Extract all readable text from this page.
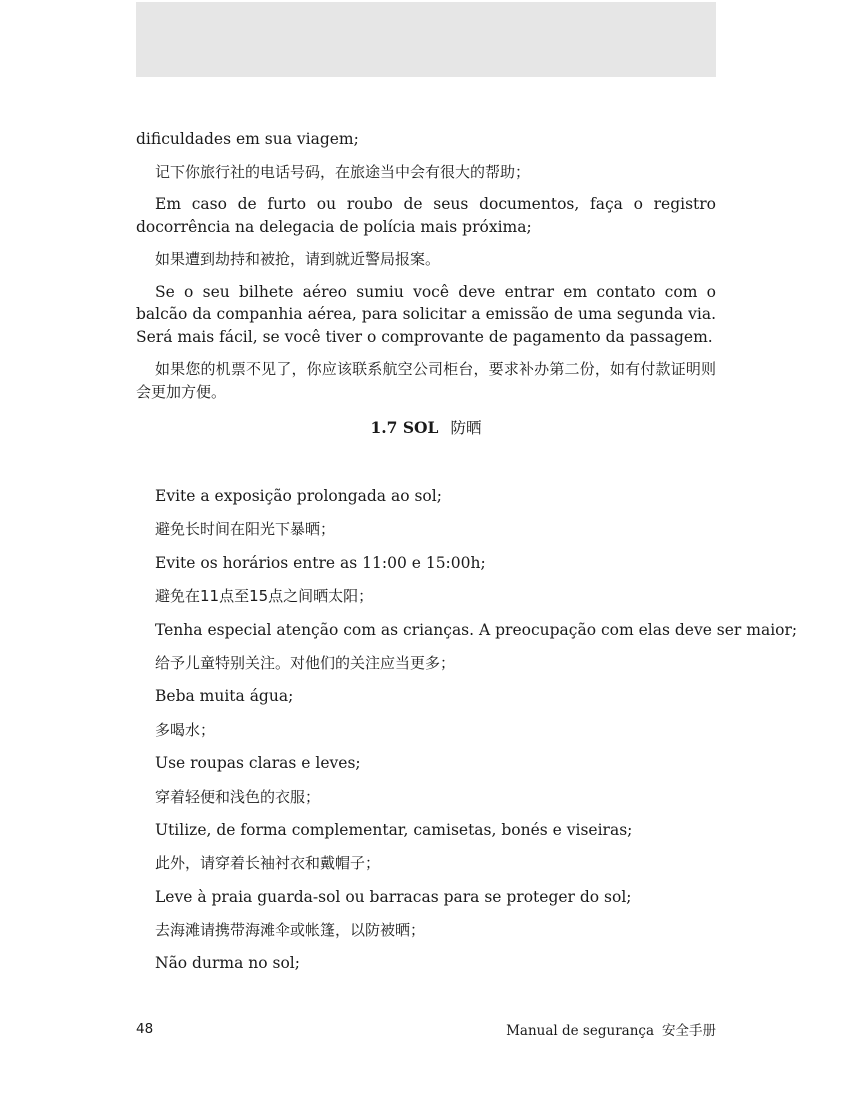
dificuldades em sua viagem;

记下你旅行社的电话号码，在旅途当中会有很大的帮助；

Em caso de furto ou roubo de seus documentos, faça o registro docorrência na delegacia de polícia mais próxima;

如果遭到劫持和被抢，请到就近警局报案。

Se o seu bilhete aéreo sumiu você deve entrar em contato com o balcão da companhia aérea, para solicitar a emissão de uma segunda via. Será mais fácil, se você tiver o comprovante de pagamento da passagem.

如果您的机票不见了，你应该联系航空公司柜台，要求补办第二份，如有付款证明则会更加方便。

1.7 SOL 防晒
Evite a exposição prolongada ao sol;
避免长时间在阳光下暴晒；
Evite os horários entre as 11:00 e 15:00h;
避免在11点至15点之间晒太阳；
Tenha especial atenção com as crianças. A preocupação com elas deve ser maior;
给予儿童特别关注。对他们的关注应当更多；
Beba muita água;
多喝水；
Use roupas claras e leves;
穿着轻便和浅色的衣服；
Utilize, de forma complementar, camisetas, bonés e viseiras;
此外，请穿着长袖衬衣和戴帽子；
Leve à praia guarda-sol ou barracas para se proteger do sol;
去海滩请携带海滩伞或帐篷，以防被晒；
Não durma no sol;
48	Manual de segurança 安全手册
